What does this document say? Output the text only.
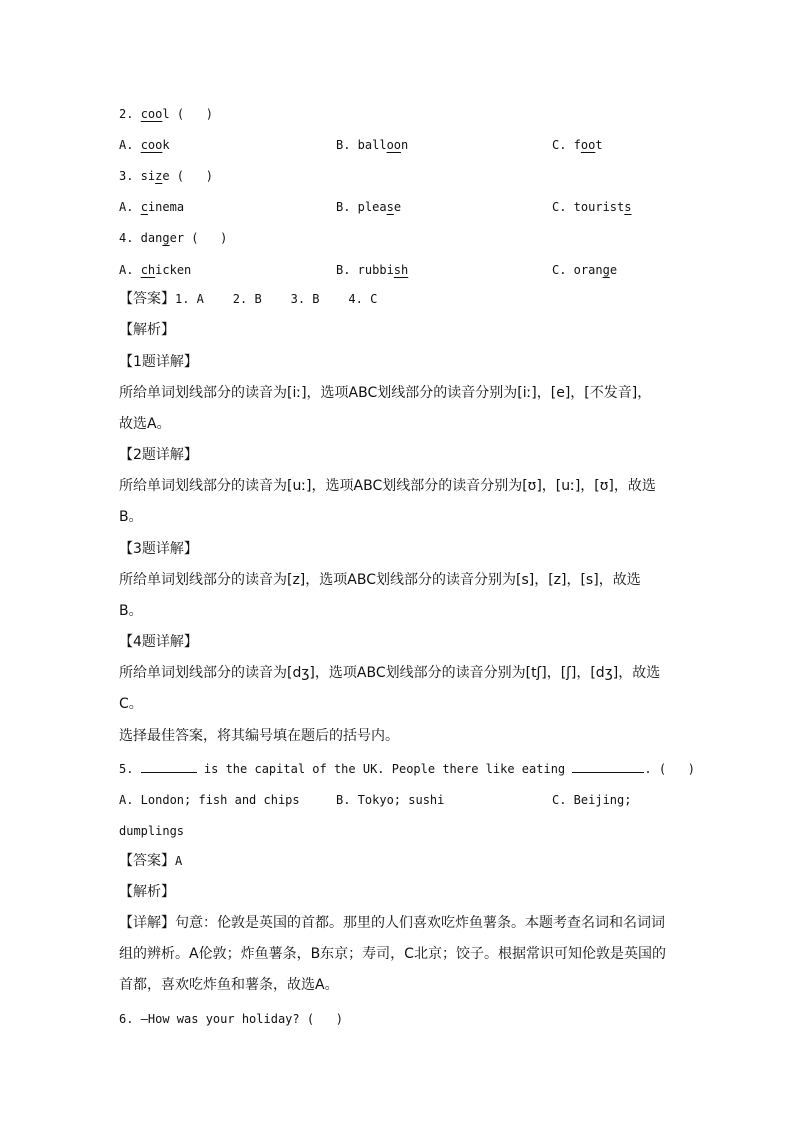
2. cool (   )
A. cook	B. balloon	C. foot
3. size (   )
A. cinema	B. please	C. tourists
4. danger (   )
A. chicken	B. rubbish	C. orange
【答案】1. A    2. B    3. B    4. C
【解析】
【1题详解】
所给单词划线部分的读音为[iː]，选项ABC划线部分的读音分别为[iː]，[e]，[不发音]，
故选A。
【2题详解】
所给单词划线部分的读音为[uː]，选项ABC划线部分的读音分别为[ʊ]，[uː]，[ʊ]，故选
B。
【3题详解】
所给单词划线部分的读音为[z]，选项ABC划线部分的读音分别为[s]，[z]，[s]，故选
B。
【4题详解】
所给单词划线部分的读音为[dʒ]，选项ABC划线部分的读音分别为[tʃ]，[ʃ]，[dʒ]，故选
C。
选择最佳答案，将其编号填在题后的括号内。
5.	is the capital of the UK. People there like eating	. (   )
A. London; fish and chips	B. Tokyo; sushi	C. Beijing;
dumplings
【答案】A
【解析】
【详解】句意：伦敦是英国的首都。那里的人们喜欢吃炸鱼薯条。本题考查名词和名词词
组的辨析。A伦敦；炸鱼薯条，B东京；寿司，C北京；饺子。根据常识可知伦敦是英国的
首都，喜欢吃炸鱼和薯条，故选A。
6. —How was your holiday? (   )
